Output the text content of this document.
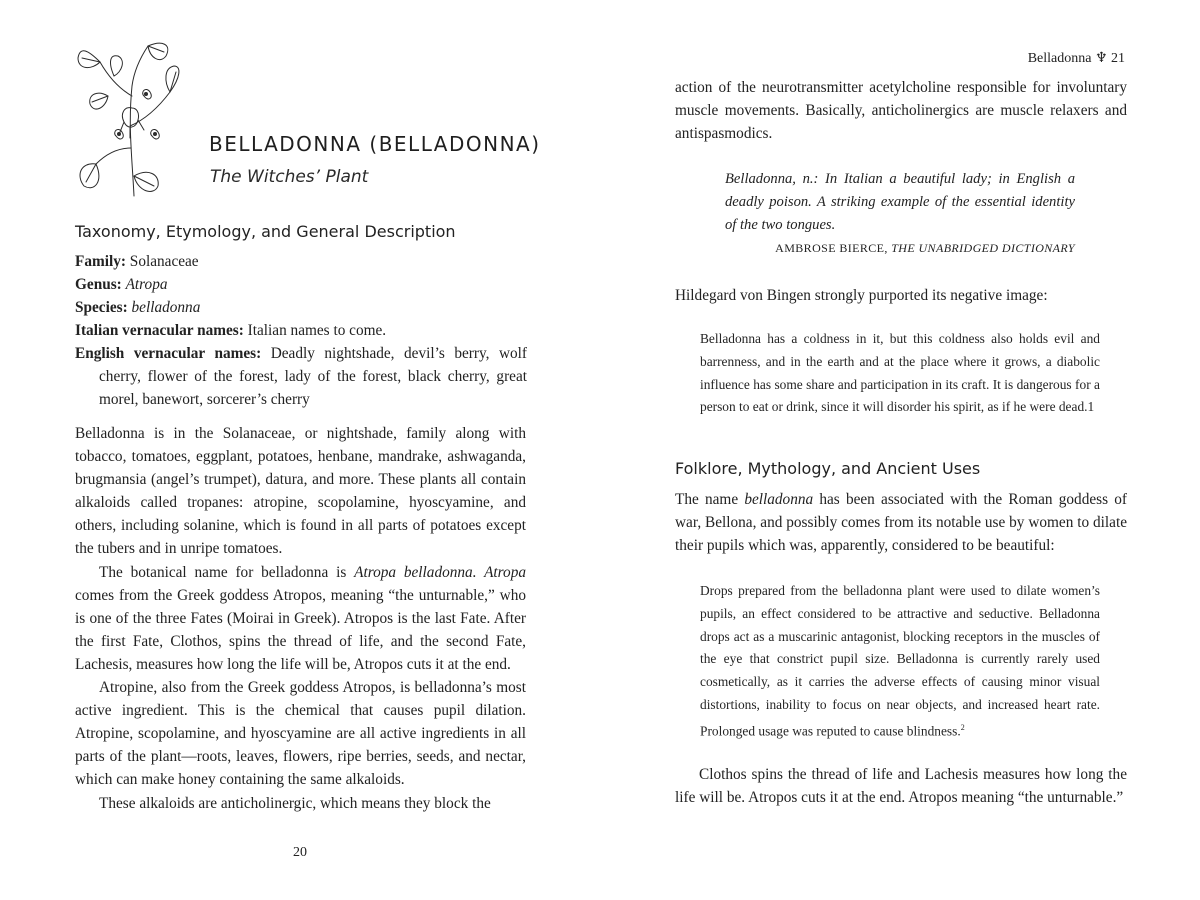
BELLADONNA (BELLADONNA)

The Witches’ Plant

Taxonomy, Etymology, and General Description

Family: Solanaceae

Genus: Atropa

Species: belladonna

Italian vernacular names: Italian names to come.

English vernacular names: Deadly nightshade, devil’s berry, wolf cherry, flower of the forest, lady of the forest, black cherry, great morel, banewort, sorcerer’s cherry

Belladonna is in the Solanaceae, or nightshade, family along with tobacco, tomatoes, eggplant, potatoes, henbane, mandrake, ashwaganda, brugmansia (angel’s trumpet), datura, and more. These plants all contain alkaloids called tropanes: atropine, scopolamine, hyoscyamine, and others, including solanine, which is found in all parts of potatoes except the tubers and in unripe tomatoes.

The botanical name for belladonna is Atropa belladonna. Atropa comes from the Greek goddess Atropos, meaning “the unturnable,” who is one of the three Fates (Moirai in Greek). Atropos is the last Fate. After the first Fate, Clothos, spins the thread of life, and the second Fate, Lachesis, measures how long the life will be, Atropos cuts it at the end.

Atropine, also from the Greek goddess Atropos, is belladonna’s most active ingredient. This is the chemical that causes pupil dilation. Atropine, scopolamine, and hyoscyamine are all active ingredients in all parts of the plant—roots, leaves, flowers, ripe berries, seeds, and nectar, which can make honey containing the same alkaloids.

These alkaloids are anticholinergic, which means they block the

20
Belladonna ♆ 21

action of the neurotransmitter acetylcholine responsible for involuntary muscle movements. Basically, anticholinergics are muscle relaxers and antispasmodics.

Belladonna, n.: In Italian a beautiful lady; in English a deadly poison. A striking example of the essential identity of the two tongues.

AMBROSE BIERCE, THE UNABRIDGED DICTIONARY

Hildegard von Bingen strongly purported its negative image:

Belladonna has a coldness in it, but this coldness also holds evil and barrenness, and in the earth and at the place where it grows, a diabolic influence has some share and participation in its craft. It is dangerous for a person to eat or drink, since it will disorder his spirit, as if he were dead.1

Folklore, Mythology, and Ancient Uses

The name belladonna has been associated with the Roman goddess of war, Bellona, and possibly comes from its notable use by women to dilate their pupils which was, apparently, considered to be beautiful:

Drops prepared from the belladonna plant were used to dilate women’s pupils, an effect considered to be attractive and seductive. Belladonna drops act as a muscarinic antagonist, blocking receptors in the muscles of the eye that constrict pupil size. Belladonna is currently rarely used cosmetically, as it carries the adverse effects of causing minor visual distortions, inability to focus on near objects, and increased heart rate. Prolonged usage was reputed to cause blindness.$^2$

Clothos spins the thread of life and Lachesis measures how long the life will be. Atropos cuts it at the end. Atropos meaning “the unturnable.”
